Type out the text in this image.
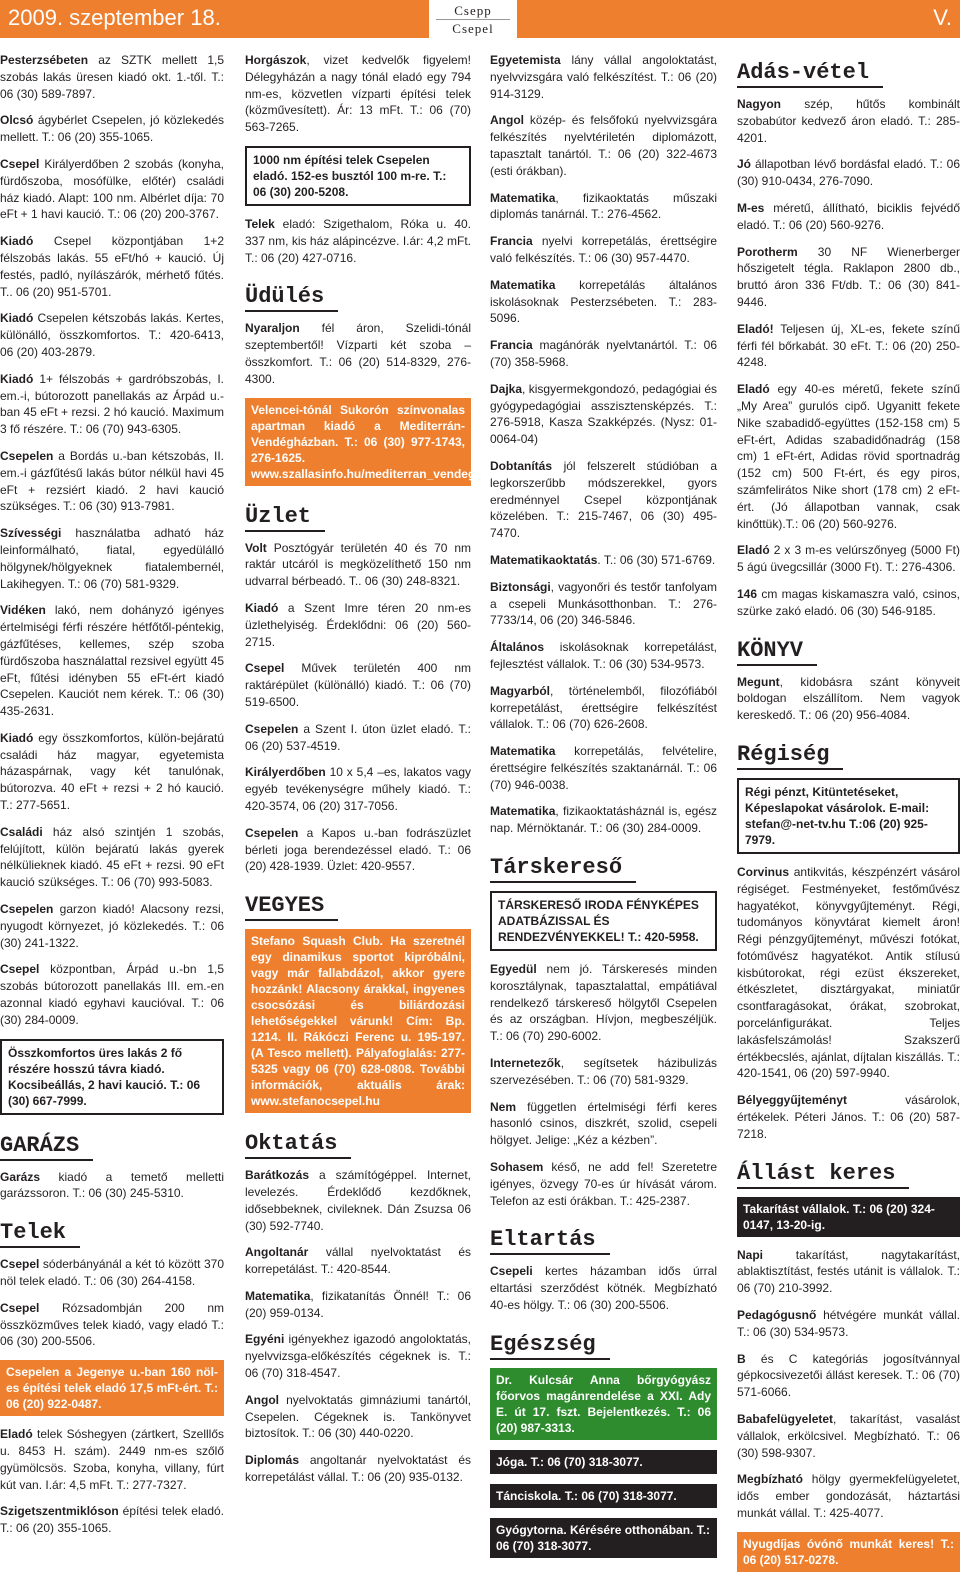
2009. szeptember 18.	Csepp
Csepel	V.

Pesterzsébeten az SZTK mellett 1,5 szobás lakás üresen kiadó okt. 1.-től. T.: 06 (30) 589-7897.

Olcsó ágybérlet Csepelen, jó közlekedés mellett. T.: 06 (20) 355-1065.

Csepel Királyerdőben 2 szobás (konyha, fürdőszoba, mosófülke, előtér) családi ház kiadó. Alapt: 100 nm. Albérlet díja: 70 eFt + 1 havi kaució. T.: 06 (20) 200-3767.

Kiadó Csepel központjában 1+2 félszobás lakás. 55 eFt/hó + kaució. Új festés, padló, nyílászárók, mérhető fűtés. T.. 06 (20) 951-5701.

Kiadó Csepelen kétszobás lakás. Kertes, különálló, összkomfortos. T.: 420-6413, 06 (20) 403-2879.

Kiadó 1+ félszobás + gardróbszobás, I. em.-i, bútorozott panellakás az Árpád u.-ban 45 eFt + rezsi. 2 hó kaució. Maximum 3 fő részére. T.: 06 (70) 943-6305.

Csepelen a Bordás u.-ban kétszobás, II. em.-i gázfűtésű lakás bútor nélkül havi 45 eFt + rezsiért kiadó. 2 havi kaució szükséges. T.: 06 (30) 913-7981.

Szívességi használatba adható ház leinformálható, fiatal, egyedülálló hölgynek/hölgyeknek fiatalembernél, Lakihegyen. T.: 06 (70) 581-9329.

Vidéken lakó, nem dohányzó igényes értelmiségi férfi részére hétfőtől-péntekig, gázfűtéses, kellemes, szép szoba fürdőszoba használattal rezsivel együtt 45 eFt, fűtési idényben 55 eFt-ért kiadó Csepelen. Kauciót nem kérek. T.: 06 (30) 435-2631.

Kiadó egy összkomfortos, külön-bejáratú családi ház magyar, egyetemista házaspárnak, vagy két tanulónak, bútorozva. 40 eFt + rezsi + 2 hó kaució. T.: 277-5651.

Családi ház alsó szintjén 1 szobás, felújított, külön bejáratú lakás gyerek nélkülieknek kiadó. 45 eFt + rezsi. 90 eFt kaució szükséges. T.: 06 (70) 993-5083.

Csepelen garzon kiadó! Alacsony rezsi, nyugodt környezet, jó közlekedés. T.: 06 (30) 241-1322.

Csepel központban, Árpád u.-bn 1,5 szobás bútorozott panellakás III. em.-en azonnal kiadó egyhavi kaucióval. T.: 06 (30) 284-0009.

Összkomfortos üres lakás 2 fő részére hosszú távra kiadó. Kocsibeállás, 2 havi kaució. T.: 06 (30) 667-7999.
GARÁZS

Garázs kiadó a temető melletti garázssoron. T.: 06 (30) 245-5310.

Telek

Csepel sóderbányánál a két tó között 370 nöl telek eladó. T.: 06 (30) 264-4158.

Csepel Rózsadombján 200 nm összközműves telek kiadó, vagy eladó T.: 06 (30) 200-5506.

Csepelen a Jegenye u.-ban 160 nöl-es építési telek eladó 17,5 mFt-ért. T.: 06 (20) 922-0487.

Eladó telek Sóshegyen (zártkert, Szelllős u. 8453 H. szám). 2449 nm-es szőlő gyümölcsös. Szoba, konyha, villany, fúrt kút van. I.ár: 4,5 mFt. T.: 277-7327.

Szigetszentmiklóson építési telek eladó. T.: 06 (20) 355-1065.

Horgászok, vizet kedvelők figyelem! Délegyházán a nagy tónál eladó egy 794 nm-es, közvetlen vízparti építési telek (közművesített). Ár: 13 mFt. T.: 06 (70) 563-7265.

1000 nm építési telek Csepelen eladó. 152-es busztól 100 m-re. T.: 06 (30) 200-5208.

Telek eladó: Szigethalom, Róka u. 40. 337 nm, kis ház alápincézve. I.ár: 4,2 mFt. T.: 06 (20) 427-0716.

Üdülés

Nyaraljon fél áron, Szelidi-tónál szeptembertől! Vízparti két szoba – összkomfort. T.: 06 (20) 514-8329, 276-4300.

Velencei-tónál Sukorón színvonalas apartman kiadó a Mediterrán-Vendégházban. T.: 06 (30) 977-1743, 276-1625. www.szallasinfo.hu/mediterran_vendeghaz
Üzlet

Volt Posztógyár területén 40 és 70 nm raktár utcáról is megközelíthető 150 nm udvarral bérbeadó. T.. 06 (30) 248-8321.

Kiadó a Szent Imre téren 20 nm-es üzlethelyiség. Érdeklődni: 06 (20) 560-2715.

Csepel Művek területén 400 nm raktárépület (különálló) kiadó. T.: 06 (70) 519-6500.

Csepelen a Szent I. úton üzlet eladó. T.: 06 (20) 537-4519.

Királyerdőben 10 x 5,4 –es, lakatos vagy egyéb tevékenységre műhely kiadó. T.: 420-3574, 06 (20) 317-7056.

Csepelen a Kapos u.-ban fodrászüzlet bérleti joga berendezéssel eladó. T.: 06 (20) 428-1939. Üzlet: 420-9557.

VEGYES
Stefano Squash Club. Ha szeretnél egy dinamikus sportot kipróbálni, vagy már fallabdázol, akkor gyere hozzánk! Alacsony árakkal, ingyenes csocsózási és biliárdozási lehetőségekkel várunk! Cím: Bp. 1214. II. Rákóczi Ferenc u. 195-197. (A Tesco mellett). Pályafoglalás: 277-5325 vagy 06 (70) 628-0808. További információk, aktuális árak: www.stefanocsepel.hu
Oktatás

Barátkozás a számítógéppel. Internet, levelezés. Érdeklődő kezdőknek, idősebbeknek, civileknek. Dán Zsuzsa 06 (30) 592-7740.

Angoltanár vállal nyelvoktatást és korrepetálást. T.: 420-8544.

Matematika, fizikatanítás Önnél! T.: 06 (20) 959-0134.

Egyéni igényekhez igazodó angoloktatás, nyelvvizsga-előkészítés cégeknek is. T.: 06 (70) 318-4547.

Angol nyelvoktatás gimnáziumi tanártól, Csepelen. Cégeknek is. Tankönyvet biztosítok. T.: 06 (30) 440-0220.

Diplomás angoltanár nyelvoktatást és korrepetálást vállal. T.: 06 (20) 935-0132.

Egyetemista lány vállal angoloktatást, nyelvvizsgára való felkészítést. T.: 06 (20) 914-3129.

Angol közép- és felsőfokú nyelvvizsgára felkészítés nyelvtériletén diplomázott, tapasztalt tanártól. T.: 06 (20) 322-4673 (esti órákban).

Matematika, fizikaoktatás műszaki diplomás tanárnál. T.: 276-4562.

Francia nyelvi korrepetálás, érettségire való felkészítés. T.: 06 (30) 957-4470.

Matematika korrepetálás általános iskolásoknak Pesterzsébeten. T.: 283-5096.

Francia magánórák nyelvtanártól. T.: 06 (70) 358-5968.

Dajka, kisgyermekgondozó, pedagógiai és gyógypedagógiai asszisztensképzés. T.: 276-5918, Kasza Szakképzés. (Nysz: 01-0064-04)

Dobtanítás jól felszerelt stúdióban a legkorszerűbb módszerekkel, gyors eredménnyel Csepel központjának közelében. T.: 215-7467, 06 (30) 495-7470.

Matematikaoktatás. T.: 06 (30) 571-6769.

Biztonsági, vagyonőri és testőr tanfolyam a csepeli Munkásotthonban. T.: 276-7733/14, 06 (20) 346-5846.

Általános iskolásoknak korrepetálást, fejlesztést vállalok. T.: 06 (30) 534-9573.

Magyarból, történelemből, filozófiából korrepetálást, érettségire felkészítést vállalok. T.: 06 (70) 626-2608.

Matematika korrepetálás, felvételire, érettségire felkészítés szaktanárnál. T.: 06 (70) 946-0038.

Matematika, fizikaoktatásháznál is, egész nap. Mérnöktanár. T.: 06 (30) 284-0009.

Társkereső
TÁRSKERESŐ IRODA FÉNYKÉPES ADATBÁZISSAL ÉS RENDEZVÉNYEKKEL! T.: 420-5958.

Egyedül nem jó. Társkeresés minden korosztálynak, tapasztalattal, empátiával rendelkező társkereső hölgytől Csepelen és az országban. Hívjon, megbeszéljük. T.: 06 (70) 290-6002.

Internetezők, segítsetek házibulizás szervezésében. T.: 06 (70) 581-9329.

Nem független értelmiségi férfi keres hasonló csinos, diszkrét, szolid, csepeli hölgyet. Jelige: „Kéz a kézben”.

Sohasem késő, ne add fel! Szeretetre igényes, özvegy 70-es úr hívását várom. Telefon az esti órákban. T.: 425-2387.

Eltartás

Csepeli kertes házamban idős úrral eltartási szerződést kötnék. Megbízható 40-es hölgy. T.: 06 (30) 200-5506.

Egészség
Dr. Kulcsár Anna bőrgyógyász főorvos magánrendelése a XXI. Ady E. út 17. fszt. Bejelentkezés. T.: 06 (20) 987-3313.
Jóga. T.: 06 (70) 318-3077.
Tánciskola. T.: 06 (70) 318-3077.
Gyógytorna. Kérésére otthonában. T.: 06 (70) 318-3077.
Adás-vétel

Nagyon szép, hűtős kombinált szobabútor kedvező áron eladó. T.: 285-4201.

Jó állapotban lévő bordásfal eladó. T.: 06 (30) 910-0434, 276-7090.

M-es méretű, állítható, biciklis fejvédő eladó. T.: 06 (20) 560-9276.

Porotherm 30 NF Wienerberger hőszigetelt tégla. Raklapon 2800 db., bruttó áron 336 Ft/db. T.: 06 (30) 841-9446.

Eladó! Teljesen új, XL-es, fekete színű férfi fél bőrkabát. 30 eFt. T.: 06 (20) 250-4248.

Eladó egy 40-es méretű, fekete színű „My Area” gurulós cipő. Ugyanitt fekete Nike szabadidő-együttes (152-158 cm) 5 eFt-ért, Adidas szabadidőnadrág (158 cm) 1 eFt-ért, Adidas rövid sportnadrág (152 cm) 500 Ft-ért, és egy piros, számfelirátos Nike short (178 cm) 2 eFt-ért. (Jó állapotban vannak, csak kinőttük).T.: 06 (20) 560-9276.

Eladó 2 x 3 m-es velúrszőnyeg (5000 Ft) 5 ágú üvegcsillár (3000 Ft). T.: 276-4306.

146 cm magas kiskamaszra való, csinos, szürke zakó eladó. 06 (30) 546-9185.

KÖNYV

Megunt, kidobásra szánt könyveit boldogan elszállítom. Nem vagyok kereskedő. T.: 06 (20) 956-4084.

Régiség
Régi pénzt, Kitüntetéseket, Képeslapokat vásárolok. E-mail: stefan@-net-tv.hu T.:06 (20) 925-7979.

Corvinus antikvitás, készpénzért vásárol régiséget. Festményeket, festőművész hagyatékot, könyvgyűjteményt. Régi, tudományos könyvtárat kiemelt áron! Régi pénzgyűjteményt, művészi fotókat, fotóművész hagyatékot. Antik stílusú kisbútorokat, régi ezüst ékszereket, étkészletet, disztárgyakat, miniatűr csontfaragásokat, órákat, szobrokat, porcelánfigurákat. Teljes lakásfelszámolás! Szakszerű értékbecslés, ajánlat, díjtalan kiszállás. T.: 420-1541, 06 (20) 597-9940.

Bélyeggyűjteményt vásárolok, értékelek. Péteri János. T.: 06 (20) 587-7218.

Állást keres
Takarítást vállalok. T.: 06 (20) 324-0147, 13-20-ig.

Napi takarítást, nagytakarítást, ablaktisztítást, festés utánit is vállalok. T.: 06 (70) 210-3992.

Pedagógusnő hétvégére munkát vállal. T.: 06 (30) 534-9573.

B és C kategóriás jogosítvánnyal gépkocsivezetői állást keresek. T.: 06 (70) 571-6066.

Babafelügyeletet, takarítást, vasalást vállalok, erkölcsivel. Megbízható. T.: 06 (30) 598-9307.

Megbízható hölgy gyermekfelügyeletet, idős ember gondozását, háztartási munkát vállal. T.: 425-4077.

Nyugdíjas óvónő munkát keres! T.: 06 (20) 517-0278.
